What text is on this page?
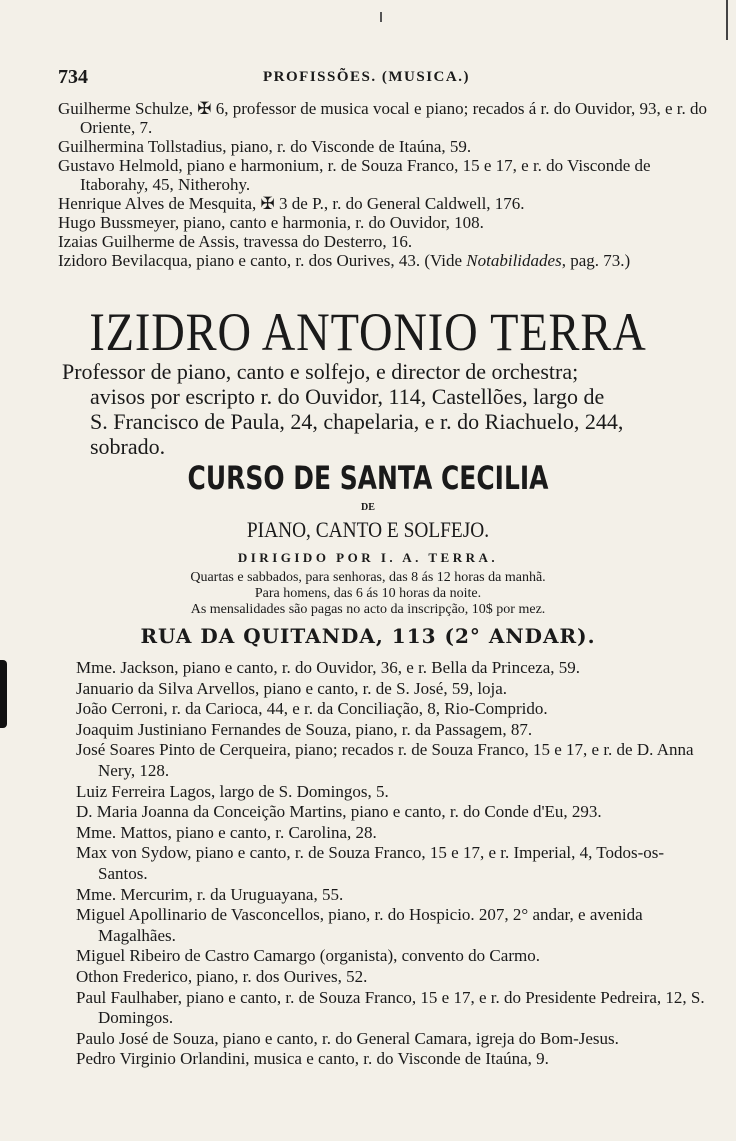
734	PROFISSÕES. (MUSICA.)
Guilherme Schulze, ✠ 6, professor de musica vocal e piano; recados á r. do Ouvidor, 93, e r. do Oriente, 7.
Guilhermina Tollstadius, piano, r. do Visconde de Itaúna, 59.
Gustavo Helmold, piano e harmonium, r. de Souza Franco, 15 e 17, e r. do Visconde de Itaborahy, 45, Nitherohy.
Henrique Alves de Mesquita, ✠ 3 de P., r. do General Caldwell, 176.
Hugo Bussmeyer, piano, canto e harmonia, r. do Ouvidor, 108.
Izaias Guilherme de Assis, travessa do Desterro, 16.
Izidoro Bevilacqua, piano e canto, r. dos Ourives, 43. (Vide Notabilidades, pag. 73.)
IZIDRO ANTONIO TERRA
Professor de piano, canto e solfejo, e director de orchestra;
avisos por escripto r. do Ouvidor, 114, Castellões, largo de
S. Francisco de Paula, 24, chapelaria, e r. do Riachuelo, 244,
sobrado.
CURSO DE SANTA CECILIA
DE
PIANO, CANTO E SOLFEJO.
DIRIGIDO POR I. A. TERRA.
Quartas e sabbados, para senhoras, das 8 ás 12 horas da manhã.
Para homens, das 6 ás 10 horas da noite.
As mensalidades são pagas no acto da inscripção, 10$ por mez.
RUA DA QUITANDA, 113 (2° ANDAR).
Mme. Jackson, piano e canto, r. do Ouvidor, 36, e r. Bella da Princeza, 59.
Januario da Silva Arvellos, piano e canto, r. de S. José, 59, loja.
João Cerroni, r. da Carioca, 44, e r. da Conciliação, 8, Rio-Comprido.
Joaquim Justiniano Fernandes de Souza, piano, r. da Passagem, 87.
José Soares Pinto de Cerqueira, piano; recados r. de Souza Franco, 15 e 17, e r. de D. Anna Nery, 128.
Luiz Ferreira Lagos, largo de S. Domingos, 5.
D. Maria Joanna da Conceição Martins, piano e canto, r. do Conde d'Eu, 293.
Mme. Mattos, piano e canto, r. Carolina, 28.
Max von Sydow, piano e canto, r. de Souza Franco, 15 e 17, e r. Imperial, 4, Todos-os-Santos.
Mme. Mercurim, r. da Uruguayana, 55.
Miguel Apollinario de Vasconcellos, piano, r. do Hospicio. 207, 2° andar, e avenida Magalhães.
Miguel Ribeiro de Castro Camargo (organista), convento do Carmo.
Othon Frederico, piano, r. dos Ourives, 52.
Paul Faulhaber, piano e canto, r. de Souza Franco, 15 e 17, e r. do Presidente Pedreira, 12, S. Domingos.
Paulo José de Souza, piano e canto, r. do General Camara, igreja do Bom-Jesus.
Pedro Virginio Orlandini, musica e canto, r. do Visconde de Itaúna, 9.
